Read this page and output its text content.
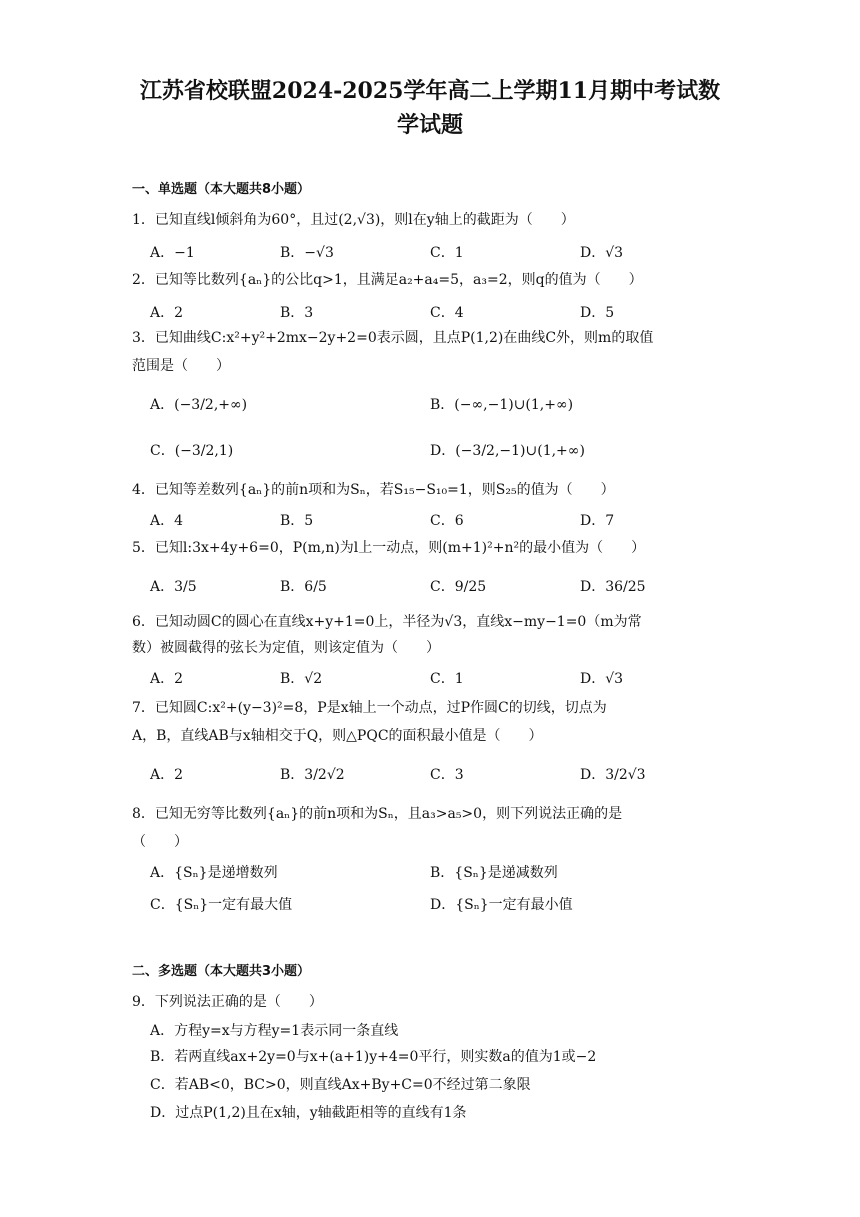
江苏省校联盟2024-2025学年高二上学期11月期中考试数
学试题
一、单选题（本大题共8小题）
1．已知直线l倾斜角为60°，且过(2,√3)，则l在y轴上的截距为（　　）
A．−1	B．−√3	C．1	D．√3
2．已知等比数列{aₙ}的公比q>1，且满足a₂+a₄=5，a₃=2，则q的值为（　　）
A．2	B．3	C．4	D．5
3．已知曲线C:x²+y²+2mx−2y+2=0表示圆，且点P(1,2)在曲线C外，则m的取值
范围是（　　）
A．(−3/2,+∞)	B．(−∞,−1)∪(1,+∞)
C．(−3/2,1)	D．(−3/2,−1)∪(1,+∞)
4．已知等差数列{aₙ}的前n项和为Sₙ，若S₁₅−S₁₀=1，则S₂₅的值为（　　）
A．4	B．5	C．6	D．7
5．已知l:3x+4y+6=0，P(m,n)为l上一动点，则(m+1)²+n²的最小值为（　　）
A．3/5	B．6/5	C．9/25	D．36/25
6．已知动圆C的圆心在直线x+y+1=0上，半径为√3，直线x−my−1=0（m为常
数）被圆截得的弦长为定值，则该定值为（　　）
A．2	B．√2	C．1	D．√3
7．已知圆C:x²+(y−3)²=8，P是x轴上一个动点，过P作圆C的切线，切点为
A，B，直线AB与x轴相交于Q，则△PQC的面积最小值是（　　）
A．2	B．3/2√2	C．3	D．3/2√3
8．已知无穷等比数列{aₙ}的前n项和为Sₙ，且a₃>a₅>0，则下列说法正确的是
（　　）
A．{Sₙ}是递增数列	B．{Sₙ}是递减数列
C．{Sₙ}一定有最大值	D．{Sₙ}一定有最小值
二、多选题（本大题共3小题）
9．下列说法正确的是（　　）
A．方程y=x与方程y=1表示同一条直线
B．若两直线ax+2y=0与x+(a+1)y+4=0平行，则实数a的值为1或−2
C．若AB<0，BC>0，则直线Ax+By+C=0不经过第二象限
D．过点P(1,2)且在x轴，y轴截距相等的直线有1条
